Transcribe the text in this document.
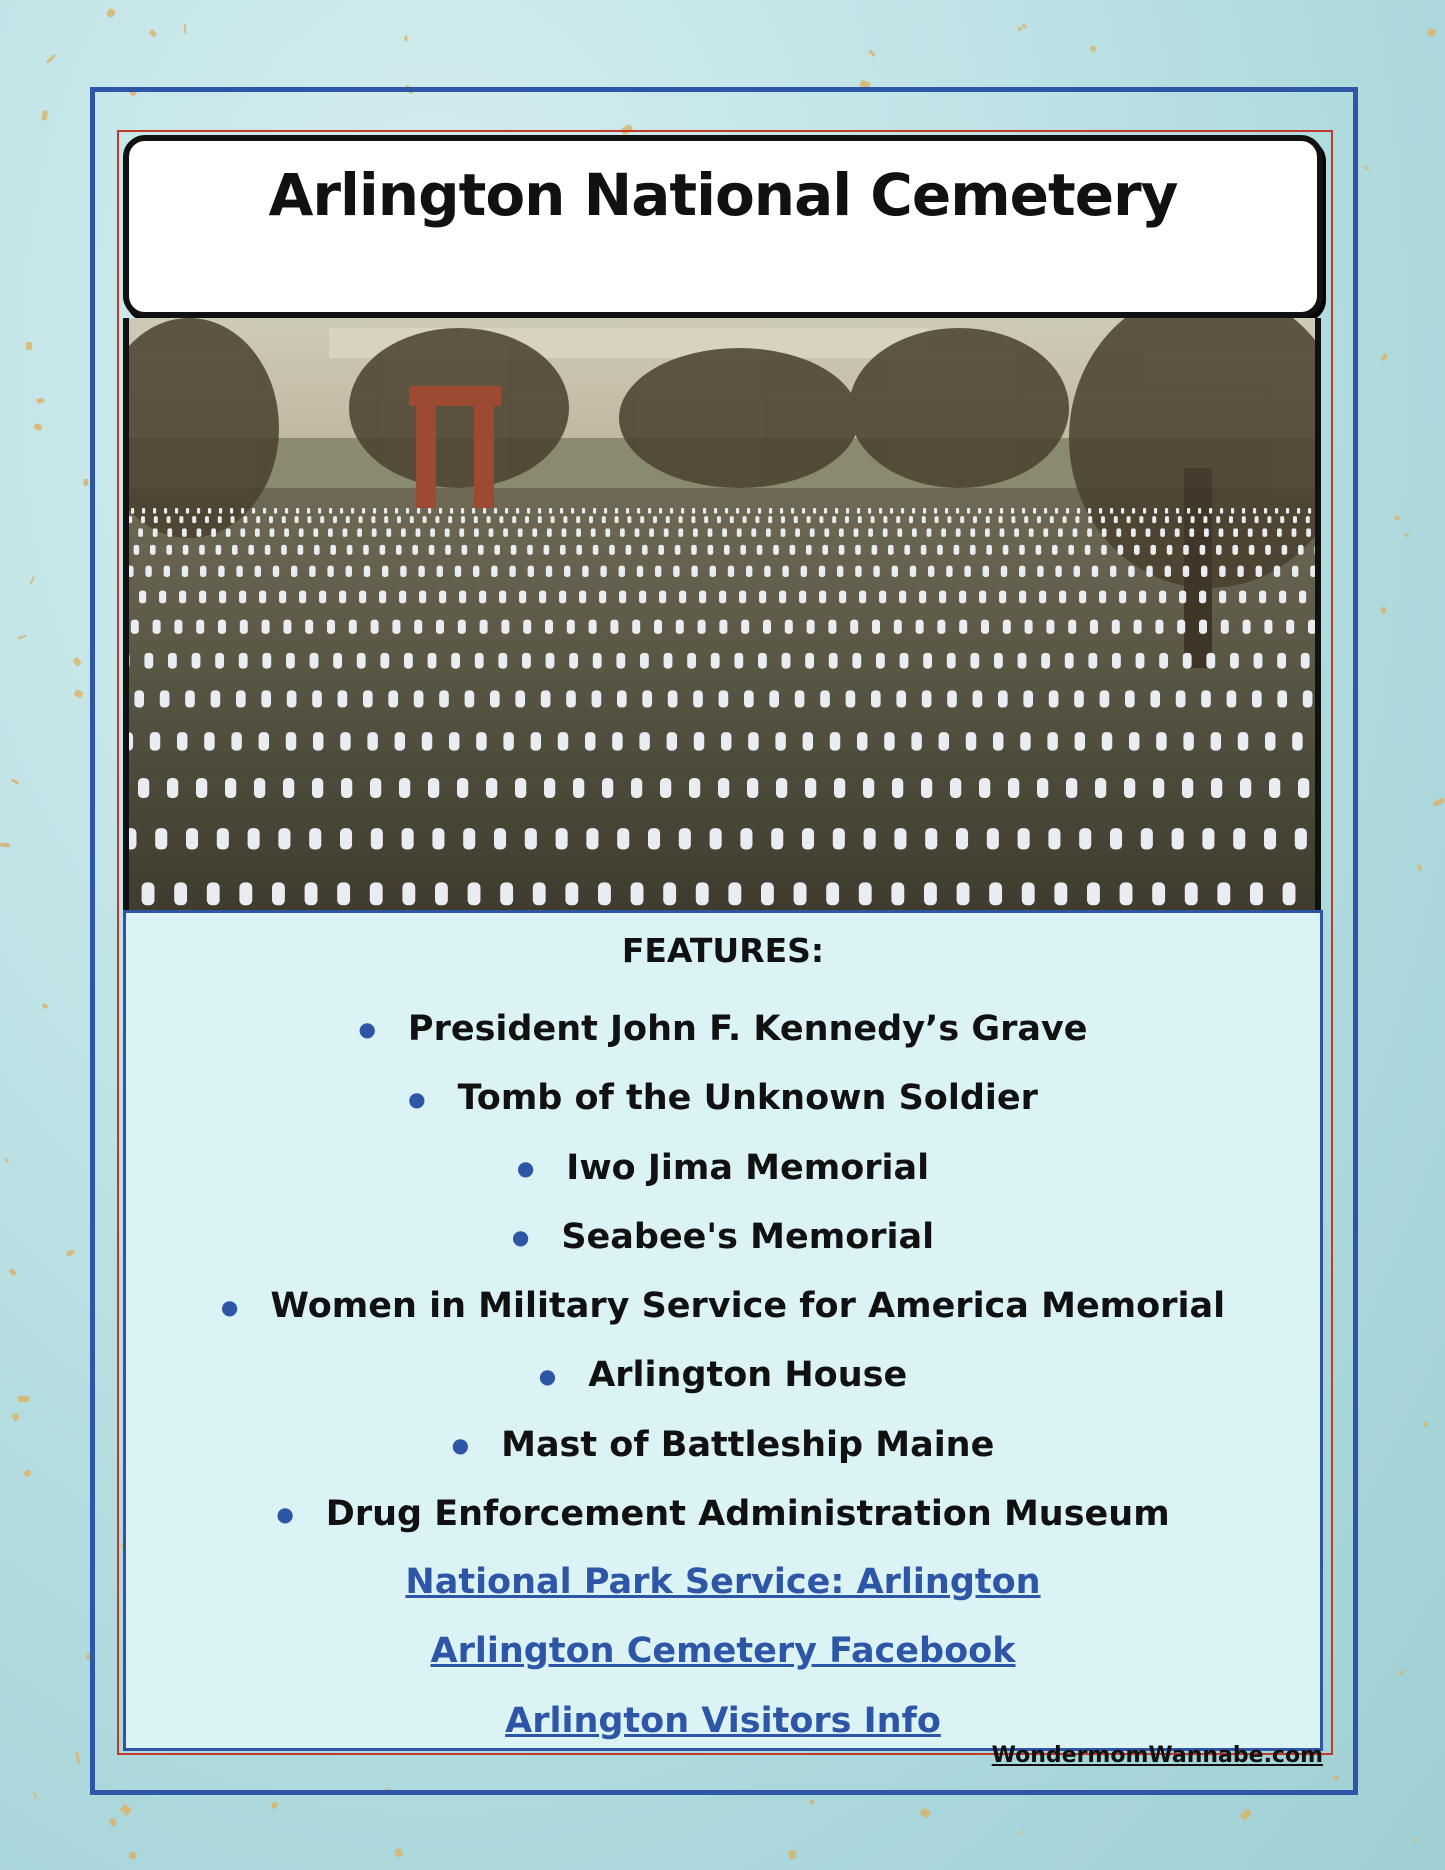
Arlington National Cemetery
FEATURES:
● President John F. Kennedy’s Grave
● Tomb of the Unknown Soldier
● Iwo Jima Memorial
● Seabee's Memorial
● Women in Military Service for America Memorial
● Arlington House
● Mast of Battleship Maine
● Drug Enforcement Administration Museum
National Park Service: Arlington
Arlington Cemetery Facebook
Arlington Visitors Info
WondermomWannabe.com
